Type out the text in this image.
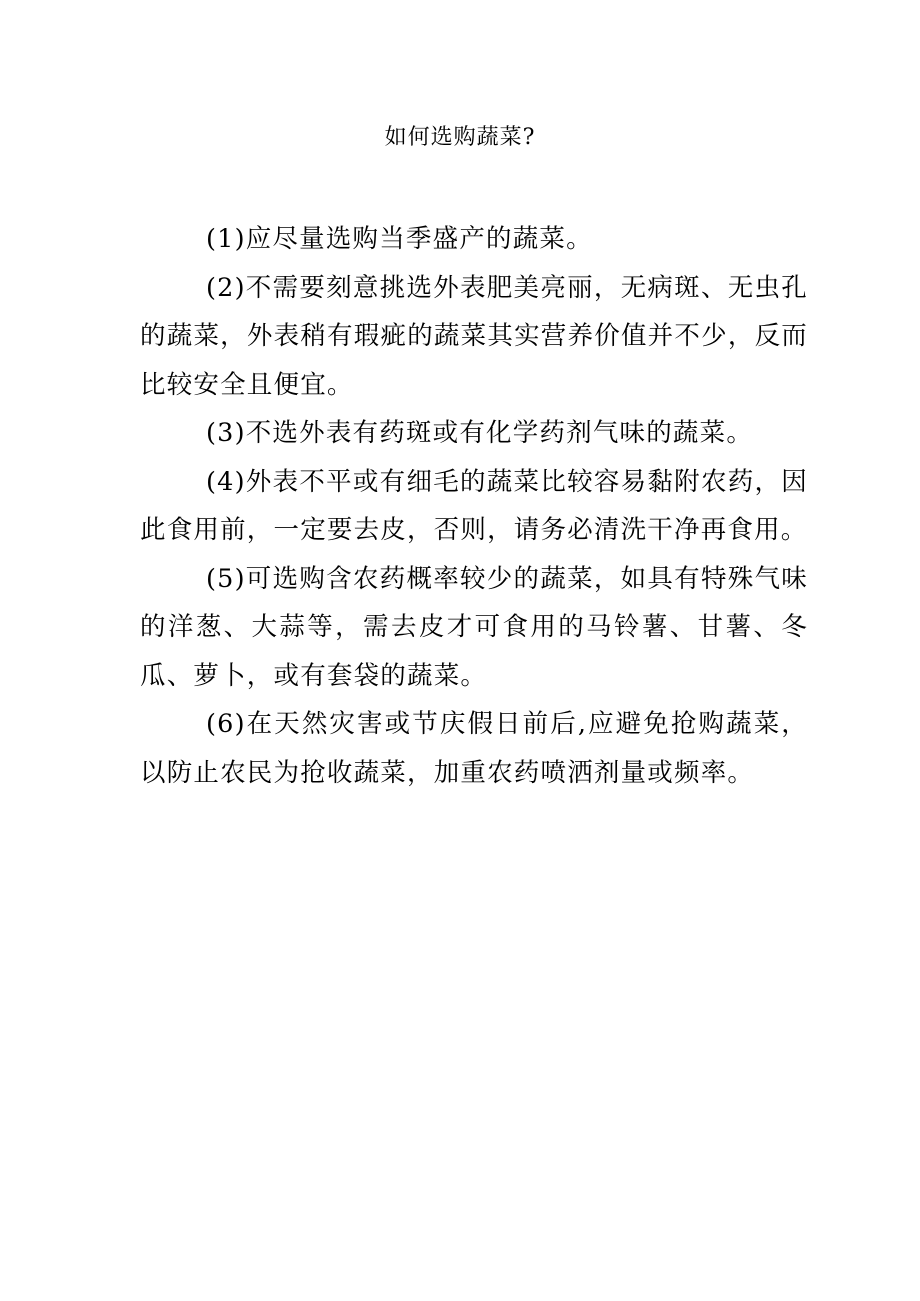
如何选购蔬菜?

(1)应尽量选购当季盛产的蔬菜。

(2)不需要刻意挑选外表肥美亮丽，无病斑、无虫孔的蔬菜，外表稍有瑕疵的蔬菜其实营养价值并不少，反而比较安全且便宜。

(3)不选外表有药斑或有化学药剂气味的蔬菜。

(4)外表不平或有细毛的蔬菜比较容易黏附农药，因此食用前，一定要去皮，否则，请务必清洗干净再食用。

(5)可选购含农药概率较少的蔬菜，如具有特殊气味的洋葱、大蒜等，需去皮才可食用的马铃薯、甘薯、冬瓜、萝卜，或有套袋的蔬菜。

(6)在天然灾害或节庆假日前后,应避免抢购蔬菜，以防止农民为抢收蔬菜，加重农药喷洒剂量或频率。
